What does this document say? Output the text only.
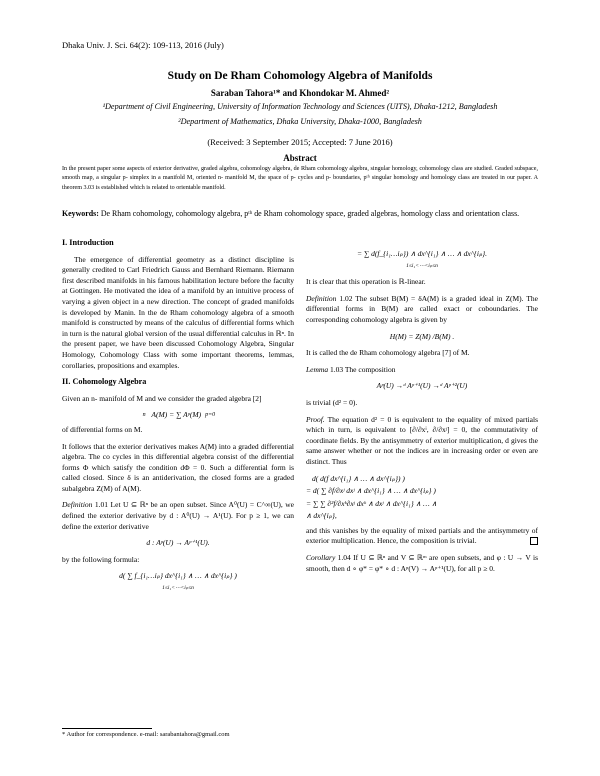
Dhaka Univ. J. Sci. 64(2): 109-113, 2016 (July)
Study on De Rham Cohomology Algebra of Manifolds
Saraban Tahora¹* and Khondokar M. Ahmed²
¹Department of Civil Engineering, University of Information Technology and Sciences (UITS), Dhaka-1212, Bangladesh
²Department of Mathematics, Dhaka University, Dhaka-1000, Bangladesh
(Received: 3 September 2015; Accepted: 7 June 2016)
Abstract
In the present paper some aspects of exterior derivative, graded algebra, cohomology algebra, de Rham cohomology algebra, singular homology, cohomology class are studied. Graded subspace, smooth map, a singular p- simplex in a manifold M, oriented n- manifold M, the space of p- cycles and p- boundaries, pᵗʰ singular homology and homology class are treated in our paper. A theorem 3.03 is established which is related to orientable manifold.
Keywords: De Rham cohomology, cohomology algebra, pᵗʰ de Rham cohomology space, graded algebras, homology class and orientation class.
I. Introduction
The emergence of differential geometry as a distinct discipline is generally credited to Carl Friedrich Gauss and Bernhard Riemann. Riemann first described manifolds in his famous habilitation lecture before the faculty at Gottingen. He motivated the idea of a manifold by an intuitive process of varying a given object in a new direction. The concept of graded manifolds is developed by Manin. In the de Rham cohomology algebra of a smooth manifold is constructed by means of the calculus of differential forms which in turn is the natural global version of the usual differential calculus in ℝⁿ. In the present paper, we have been discussed Cohomology Algebra, Singular Homology, Cohomology Class with some important theorems, lemmas, corollaries, propositions and examples.
II. Cohomology Algebra
Given an n- manifold of M and we consider the graded algebra [2]
n A(M) = ∑ Aᵖ(M) p=0
of differential forms on M.
It follows that the exterior derivatives makes A(M) into a graded differential algebra. The co cycles in this differential algebra consist of the differential forms Φ which satisfy the condition dΦ = 0. Such a differential form is called closed. Since δ is an antiderivation, the closed forms are a graded subalgebra Z(M) of A(M).
Definition 1.01 Let U ⊆ ℝⁿ be an open subset. Since A⁰(U) = C^∞(U), we defined the exterior derivative by d : A⁰(U) → A¹(U). For p ≥ 1, we can define the exterior derivative
d : Aᵖ(U) → Aᵖ⁺¹(U).
by the following formula:
d( ∑ f_{i₁…iₚ} dx^{i₁} ∧ … ∧ dx^{iₚ} )
1≤i₁<⋯<iₚ≤n
= ∑ d(f_{i₁…iₚ}) ∧ dx^{i₁} ∧ … ∧ dx^{iₚ}.
1≤i₁<⋯<iₚ≤n
It is clear that this operation is ℝ-linear.
Definition 1.02 The subset B(M) = δA(M) is a graded ideal in Z(M). The differential forms in B(M) are called exact or coboundaries. The corresponding cohomology algebra is given by
H(M) = Z(M) /B(M) .
It is called the de Rham cohomology algebra [7] of M.
Lemma 1.03 The composition
Aᵖ(U) →ᵈ Aᵖ⁺¹(U) →ᵈ Aᵖ⁺²(U)
is trivial (d² = 0).
Proof. The equation d² = 0 is equivalent to the equality of mixed partials which in turn, is equivalent to [∂/∂xⁱ, ∂/∂xʲ] = 0, the commutativity of coordinate fields. By the antisymmetry of exterior multiplication, d gives the same answer whether or not the indices are in increasing order or even are distinct. Thus
d( d(f dx^{i₁} ∧ … ∧ dx^{iₚ}) )
= d( ∑ ∂f/∂xʲ dxʲ ∧ dx^{i₁} ∧ … ∧ dx^{iₚ} )
= ∑ ∑ ∂²f/∂xᵏ∂xʲ dxᵏ ∧ dxʲ ∧ dx^{i₁} ∧ … ∧
∧ dx^{iₚ},
and this vanishes by the equality of mixed partials and the antisymmetry of exterior multiplication. Hence, the composition is trivial.
Corollary 1.04 If U ⊆ ℝⁿ and V ⊆ ℝᵐ are open subsets, and φ : U → V is smooth, then d ∘ φ* = φ* ∘ d : Aᵖ(V) → Aᵖ⁺¹(U), for all p ≥ 0.
* Author for correspondence. e-mail: sarabantahora@gmail.com
